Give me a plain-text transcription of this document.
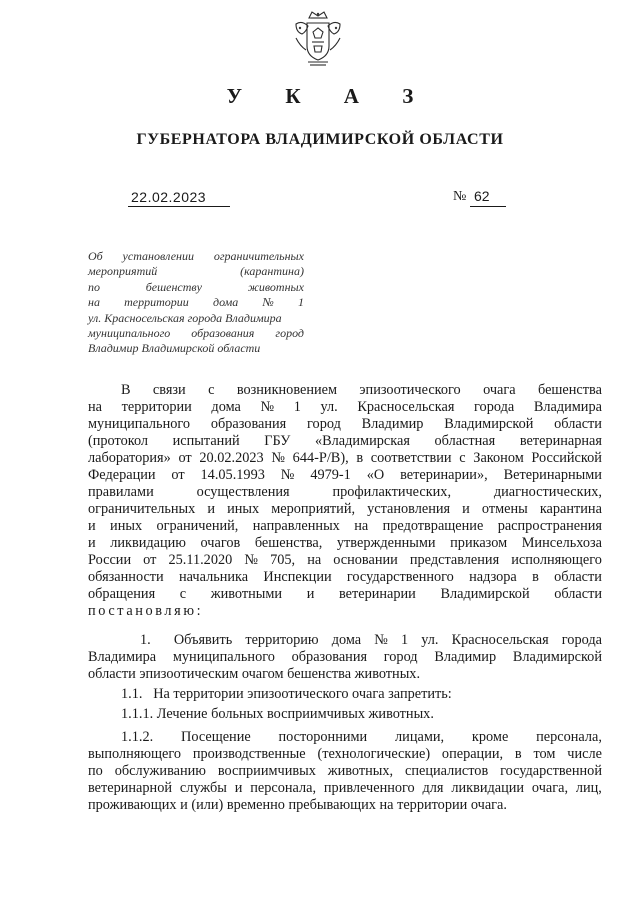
У К А З
ГУБЕРНАТОРА ВЛАДИМИРСКОЙ ОБЛАСТИ
22.02.2023	№ 62
Об установлении ограничительных
мероприятий	(карантина)
по	бешенству	животных
на территории дома № 1
ул. Красносельская города Владимира
муниципального образования город
Владимир Владимирской области
В связи с возникновением эпизоотического очага бешенства
на территории дома № 1 ул. Красносельская города Владимира
муниципального образования город Владимир Владимирской области
(протокол испытаний ГБУ «Владимирская областная ветеринарная
лаборатория» от 20.02.2023 № 644-Р/В), в соответствии с Законом Российской
Федерации от 14.05.1993 № 4979-1 «О ветеринарии», Ветеринарными
правилами	осуществления	профилактических,	диагностических,
ограничительных и иных мероприятий, установления и отмены карантина
и иных ограничений, направленных на предотвращение распространения
и ликвидацию очагов бешенства, утвержденными приказом Минсельхоза
России от 25.11.2020 № 705, на основании представления исполняющего
обязанности начальника Инспекции государственного надзора в области
обращения с животными и ветеринарии Владимирской области
постановляю:
1. Объявить территорию дома № 1 ул. Красносельская города
Владимира муниципального образования город Владимир Владимирской
области эпизоотическим очагом бешенства животных.
1.1. На территории эпизоотического очага запретить:
1.1.1. Лечение больных восприимчивых животных.
1.1.2. Посещение посторонними лицами, кроме персонала,
выполняющего производственные (технологические) операции, в том числе
по обслуживанию восприимчивых животных, специалистов государственной
ветеринарной службы и персонала, привлеченного для ликвидации очага, лиц,
проживающих и (или) временно пребывающих на территории очага.
